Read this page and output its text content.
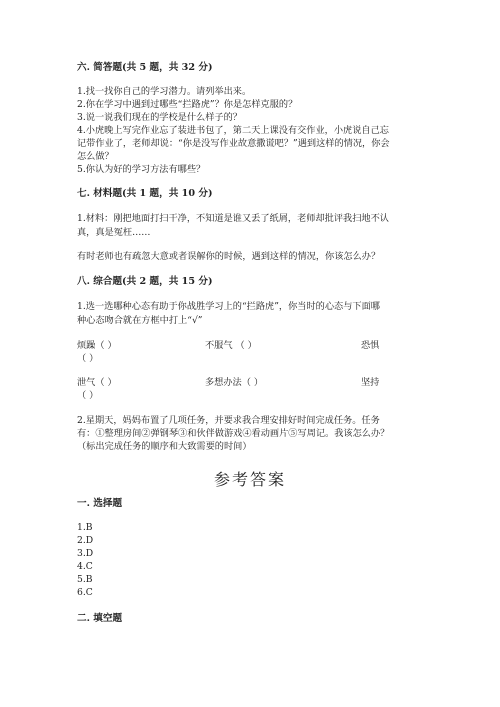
六. 简答题(共 5 题，共 32 分)
1.找一找你自己的学习潜力。请列举出来。
2.你在学习中遇到过哪些“拦路虎”？你是怎样克服的？
3.说一说我们现在的学校是什么样子的？
4.小虎晚上写完作业忘了装进书包了，第二天上课没有交作业，小虎说自己忘
记带作业了，老师却说：“你是没写作业故意撒谎吧？”遇到这样的情况，你会
怎么做？
5.你认为好的学习方法有哪些？
七. 材料题(共 1 题，共 10 分)
1.材料：刚把地面打扫干净，不知道是谁又丢了纸屑，老师却批评我扫地不认
真，真是冤枉……
有时老师也有疏忽大意或者误解你的时候，遇到这样的情况，你该怎么办？
八. 综合题(共 2 题，共 15 分)
1.选一选哪种心态有助于你战胜学习上的“拦路虎”，你当时的心态与下面哪
种心态吻合就在方框中打上“√”
烦躁（ ）	不服气 （ ）	恐惧
（ ）
泄气（ ）	多想办法（ ）	坚持
（ ）
2.星期天，妈妈布置了几项任务，并要求我合理安排好时间完成任务。任务
有：①整理房间②弹钢琴③和伙伴做游戏④看动画片⑤写周记。我该怎么办？
（标出完成任务的顺序和大致需要的时间）
参考答案
一. 选择题
1.B
2.D
3.D
4.C
5.B
6.C
二. 填空题
